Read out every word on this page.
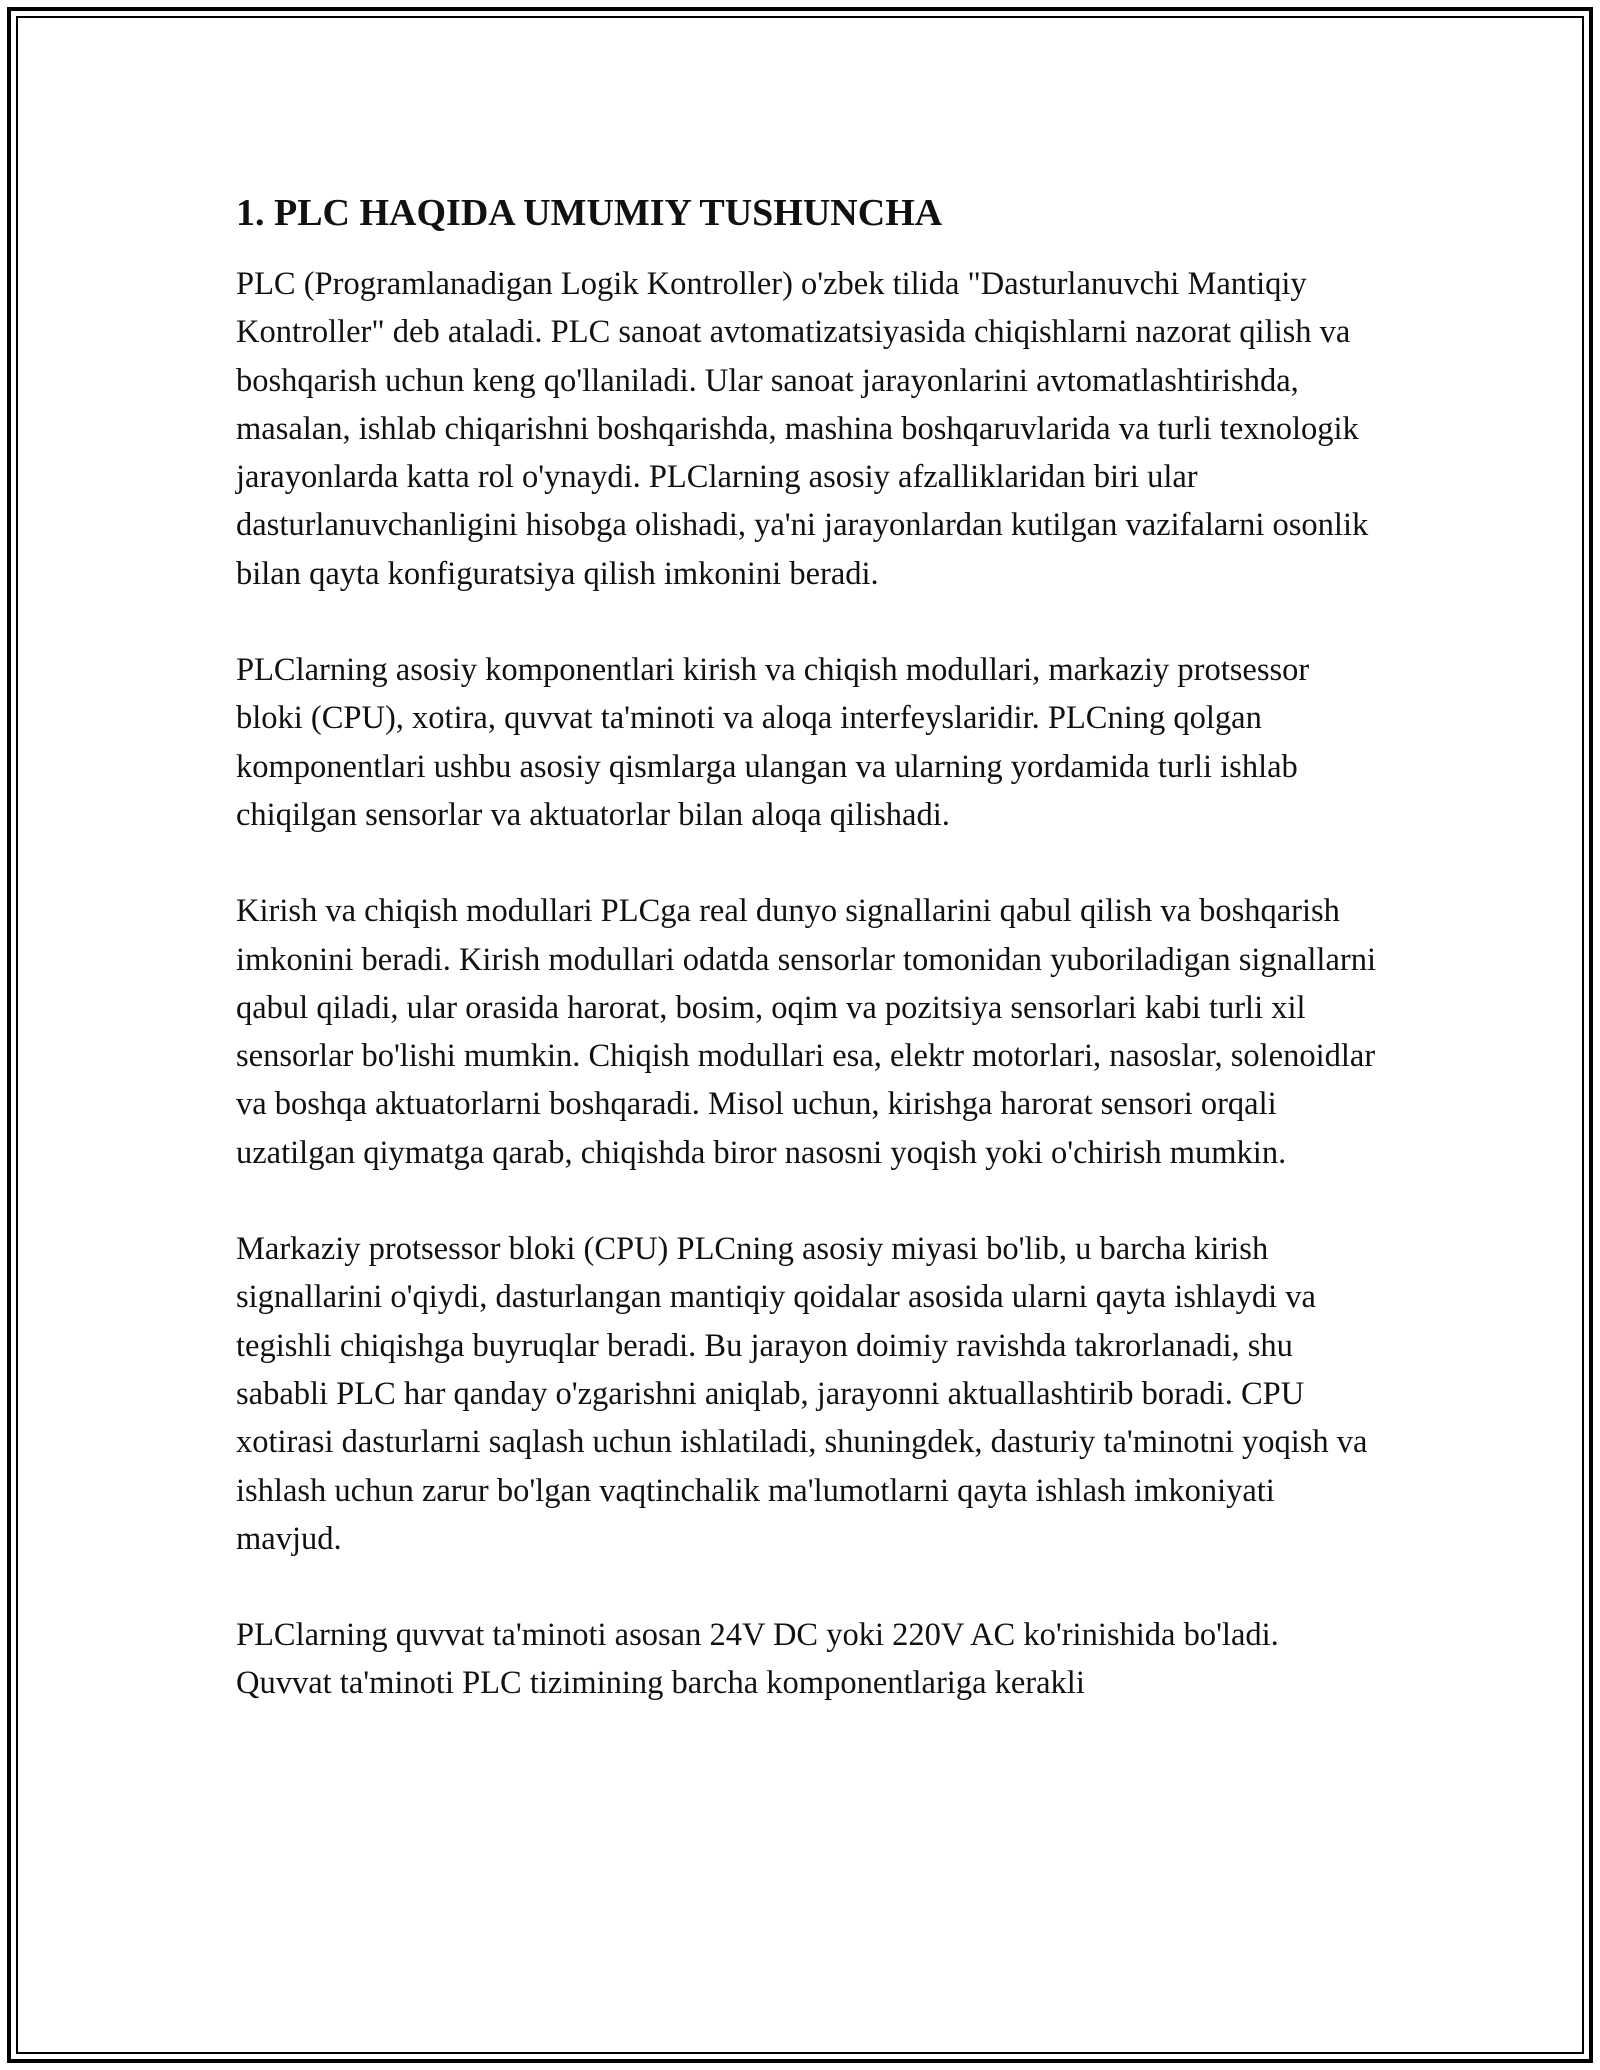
1. PLC HAQIDA UMUMIY TUSHUNCHA

PLC (Programlanadigan Logik Kontroller) o'zbek tilida "Dasturlanuvchi Mantiqiy Kontroller" deb ataladi. PLC sanoat avtomatizatsiyasida chiqishlarni nazorat qilish va boshqarish uchun keng qo'llaniladi. Ular sanoat jarayonlarini avtomatlashtirishda, masalan, ishlab chiqarishni boshqarishda, mashina boshqaruvlarida va turli texnologik jarayonlarda katta rol o'ynaydi. PLClarning asosiy afzalliklaridan biri ular dasturlanuvchanligini hisobga olishadi, ya'ni jarayonlardan kutilgan vazifalarni osonlik bilan qayta konfiguratsiya qilish imkonini beradi.

PLClarning asosiy komponentlari kirish va chiqish modullari, markaziy protsessor bloki (CPU), xotira, quvvat ta'minoti va aloqa interfeyslaridir. PLCning qolgan komponentlari ushbu asosiy qismlarga ulangan va ularning yordamida turli ishlab chiqilgan sensorlar va aktuatorlar bilan aloqa qilishadi.

Kirish va chiqish modullari PLCga real dunyo signallarini qabul qilish va boshqarish imkonini beradi. Kirish modullari odatda sensorlar tomonidan yuboriladigan signallarni qabul qiladi, ular orasida harorat, bosim, oqim va pozitsiya sensorlari kabi turli xil sensorlar bo'lishi mumkin. Chiqish modullari esa, elektr motorlari, nasoslar, solenoidlar va boshqa aktuatorlarni boshqaradi. Misol uchun, kirishga harorat sensori orqali uzatilgan qiymatga qarab, chiqishda biror nasosni yoqish yoki o'chirish mumkin.

Markaziy protsessor bloki (CPU) PLCning asosiy miyasi bo'lib, u barcha kirish signallarini o'qiydi, dasturlangan mantiqiy qoidalar asosida ularni qayta ishlaydi va tegishli chiqishga buyruqlar beradi. Bu jarayon doimiy ravishda takrorlanadi, shu sababli PLC har qanday o'zgarishni aniqlab, jarayonni aktuallashtirib boradi. CPU xotirasi dasturlarni saqlash uchun ishlatiladi, shuningdek, dasturiy ta'minotni yoqish va ishlash uchun zarur bo'lgan vaqtinchalik ma'lumotlarni qayta ishlash imkoniyati mavjud.

PLClarning quvvat ta'minoti asosan 24V DC yoki 220V AC ko'rinishida bo'ladi. Quvvat ta'minoti PLC tizimining barcha komponentlariga kerakli
